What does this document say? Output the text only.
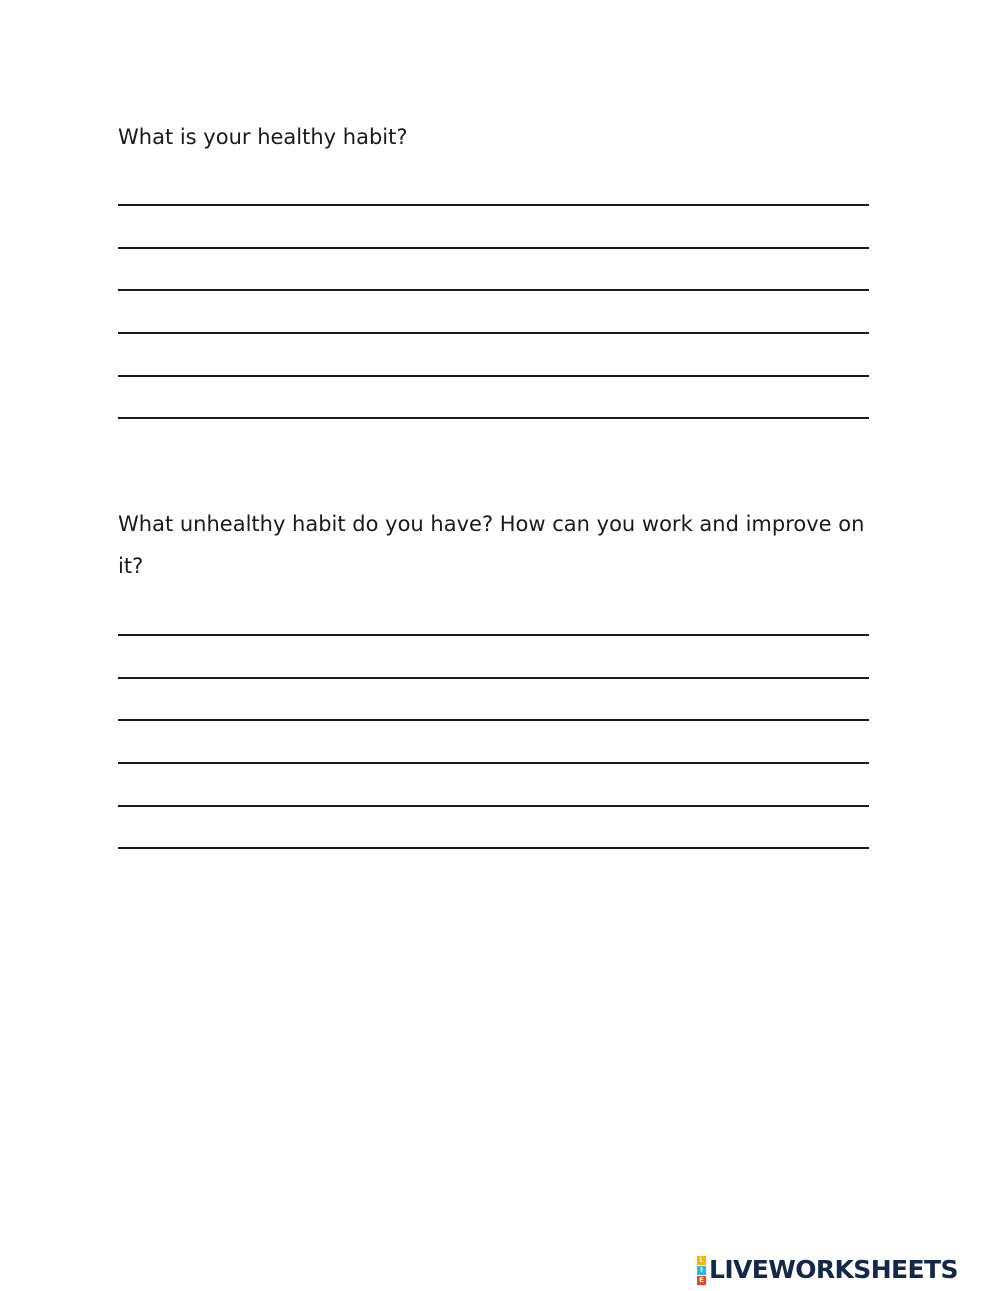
What is your healthy habit?

What unhealthy habit do you have? How can you work and improve on it?

L
I
E LIVEWORKSHEETS
